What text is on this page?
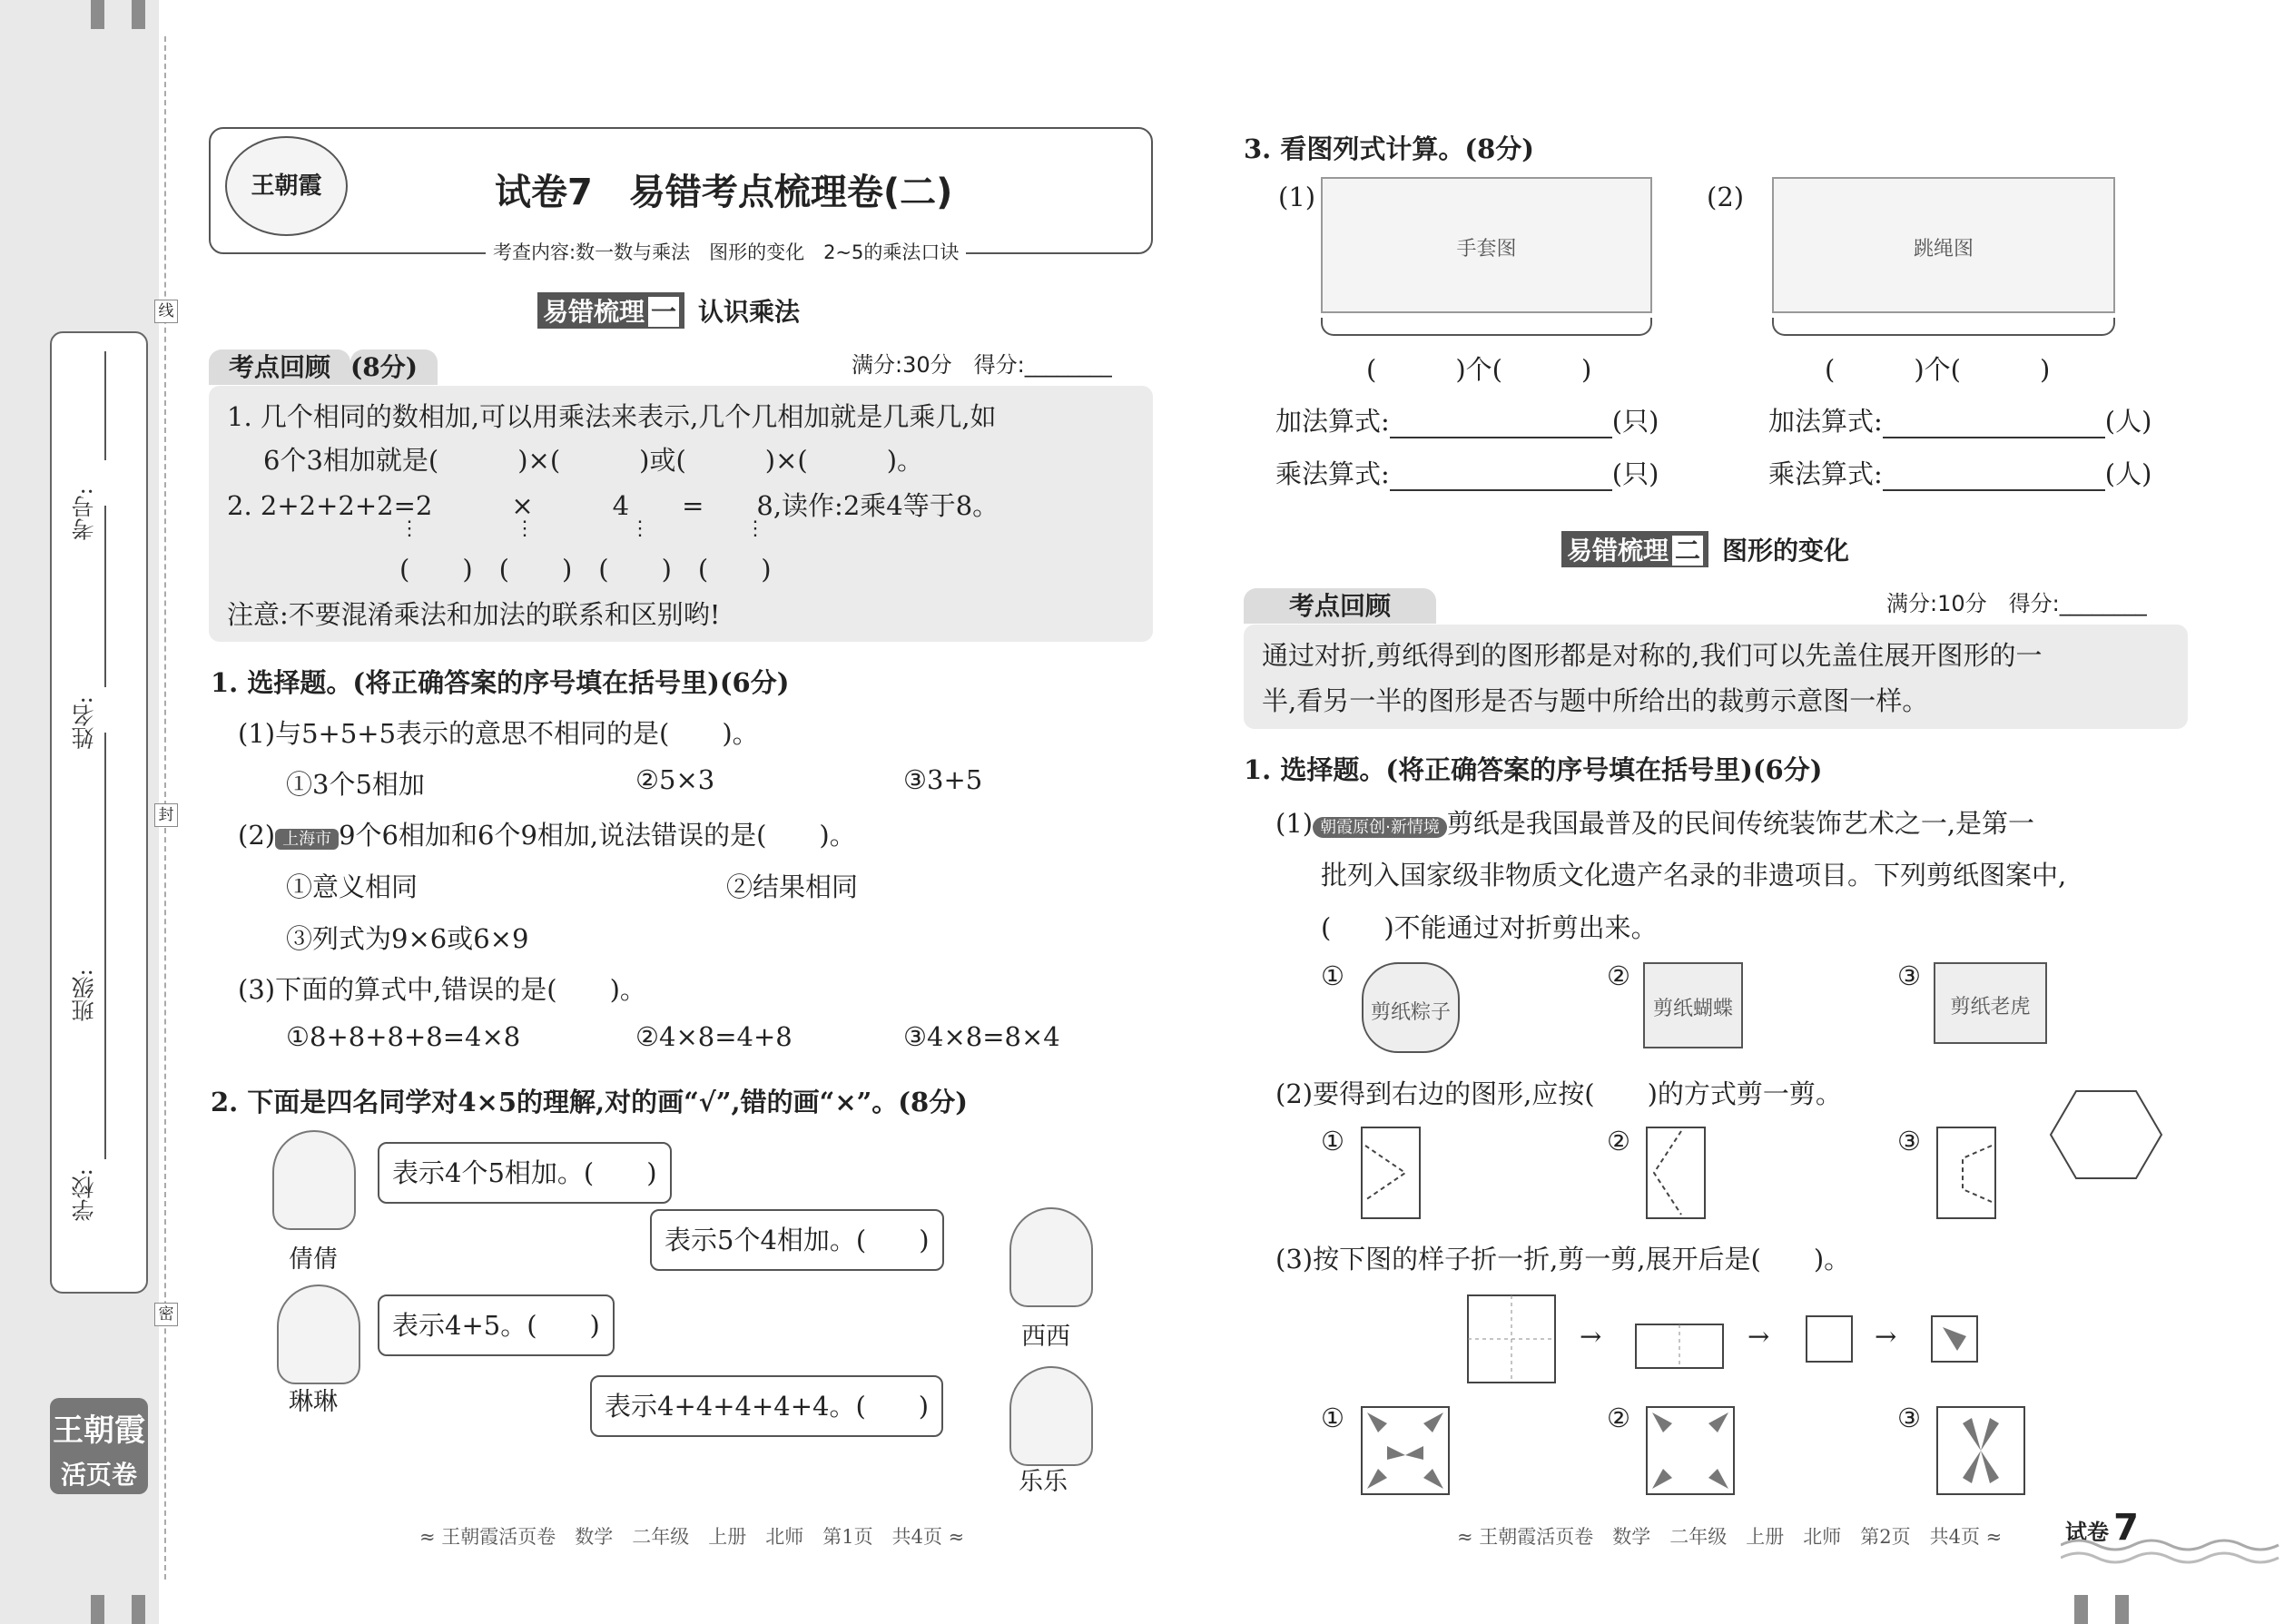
学校:
班级:
姓名:
考号:
线
封
密
王朝霞
活页卷
王朝霞	试卷7　易错考点梳理卷(二)
考查内容:数一数与乘法　图形的变化　2~5的乘法口诀
易错梳理 一 认识乘法
考点回顾 (8分)	满分:30分　得分:________
1. 几个相同的数相加,可以用乘法来表示,几个几相加就是几乘几,如
6个3相加就是(　　　)×(　　　)或(　　　)×(　　　)。
2. 2+2+2+2=2　　　×　　　4　　=　　8,读作:2乘4等于8。
⋮⋮⋮⋮
(　　)　(　　)　(　　)　(　　)
注意:不要混淆乘法和加法的联系和区别哟!
1. 选择题。(将正确答案的序号填在括号里)(6分)
(1)与5+5+5表示的意思不相同的是(　　)。
①3个5相加	②5×3	③3+5
(2) 上海市 9个6相加和6个9相加,说法错误的是(　　)。
①意义相同	②结果相同
③列式为9×6或6×9
(3)下面的算式中,错误的是(　　)。
①8+8+8+8=4×8	②4×8=4+8	③4×8=8×4
2. 下面是四名同学对4×5的理解,对的画“√”,错的画“×”。(8分)
倩倩
表示4个5相加。(　　)
表示5个4相加。(　　)
西西
琳琳
表示4+5。(　　)
表示4+4+4+4+4。(　　)
乐乐
≈ 王朝霞活页卷　数学　二年级　上册　北师　第1页　共4页 ≈
3. 看图列式计算。(8分)
(1)
手套图
(　　　)个(　　　)
加法算式:	(只)
乘法算式:	(只)
(2)
跳绳图
(　　　)个(　　　)
加法算式:	(人)
乘法算式:	(人)
易错梳理 二 图形的变化
考点回顾	满分:10分　得分:________
通过对折,剪纸得到的图形都是对称的,我们可以先盖住展开图形的一
半,看另一半的图形是否与题中所给出的裁剪示意图一样。
1. 选择题。(将正确答案的序号填在括号里)(6分)
(1) 朝霞原创·新情境 剪纸是我国最普及的民间传统装饰艺术之一,是第一
批列入国家级非物质文化遗产名录的非遗项目。下列剪纸图案中,
(　　)不能通过对折剪出来。
①
剪纸粽子
②
剪纸蝴蝶
③
剪纸老虎
(2)要得到右边的图形,应按(　　)的方式剪一剪。
①	②	③
(3)按下图的样子折一折,剪一剪,展开后是(　　)。
→	→	→
①	②	③
≈ 王朝霞活页卷　数学　二年级　上册　北师　第2页　共4页 ≈	试卷 7
